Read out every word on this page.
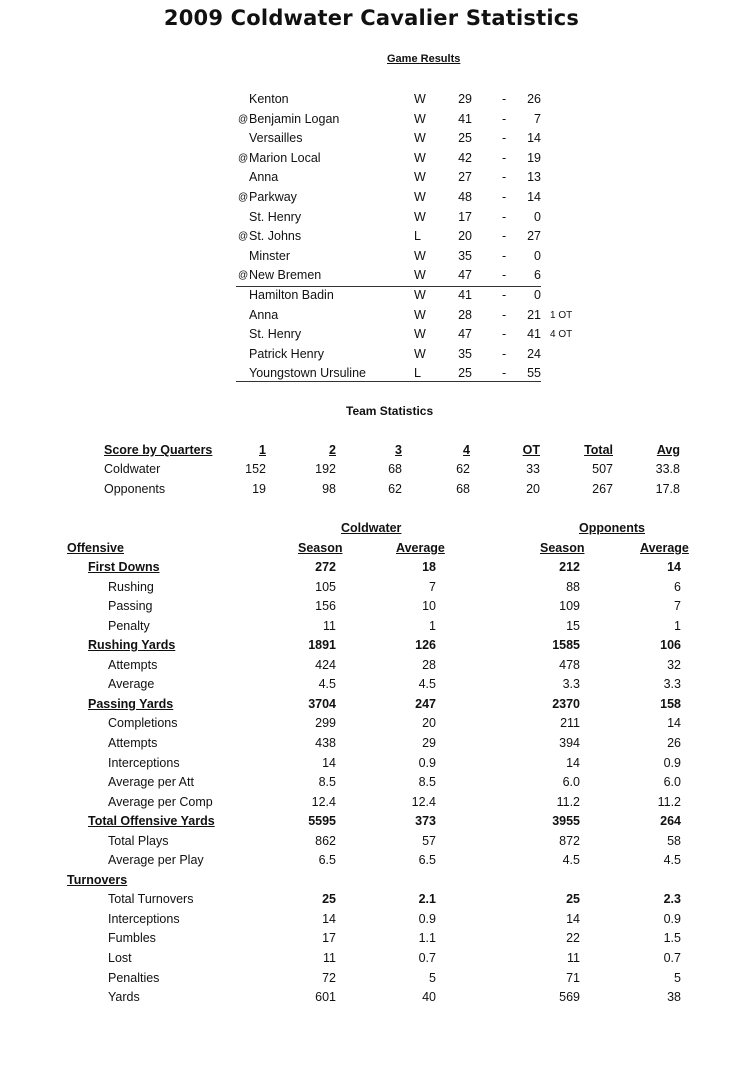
2009 Coldwater Cavalier Statistics
Game Results
Kenton	W	29 -	26
@ Benjamin Logan	W	41 -	7
Versailles	W	25 -	14
@ Marion Local	W	42 -	19
Anna	W	27 -	13
@ Parkway	W	48 -	14
St. Henry	W	17 -	0
@ St. Johns	L	20 -	27
Minster	W	35 -	0
@ New Bremen	W	47 -	6
Hamilton Badin	W	41 -	0
Anna	W	28 -	21 1 OT
St. Henry	W	47 -	41 4 OT
Patrick Henry	W	35 -	24
Youngstown Ursuline	L	25 -	55
Team Statistics
Score by Quarters	1	2	3	4	OT	Total	Avg
Coldwater	152	192	68	62	33	507	33.8
Opponents	19	98	62	68	20	267	17.8
Coldwater	Opponents
Offensive	Season	Average	Season	Average
First Downs	272	18	212	14
Rushing	105	7	88	6
Passing	156	10	109	7
Penalty	11	1	15	1
Rushing Yards	1891	126	1585	106
Attempts	424	28	478	32
Average	4.5	4.5	3.3	3.3
Passing Yards	3704	247	2370	158
Completions	299	20	211	14
Attempts	438	29	394	26
Interceptions	14	0.9	14	0.9
Average per Att	8.5	8.5	6.0	6.0
Average per Comp	12.4	12.4	11.2	11.2
Total Offensive Yards	5595	373	3955	264
Total Plays	862	57	872	58
Average per Play	6.5	6.5	4.5	4.5
Turnovers
Total Turnovers	25	2.1	25	2.3
Interceptions	14	0.9	14	0.9
Fumbles	17	1.1	22	1.5
Lost	11	0.7	11	0.7
Penalties	72	5	71	5
Yards	601	40	569	38
